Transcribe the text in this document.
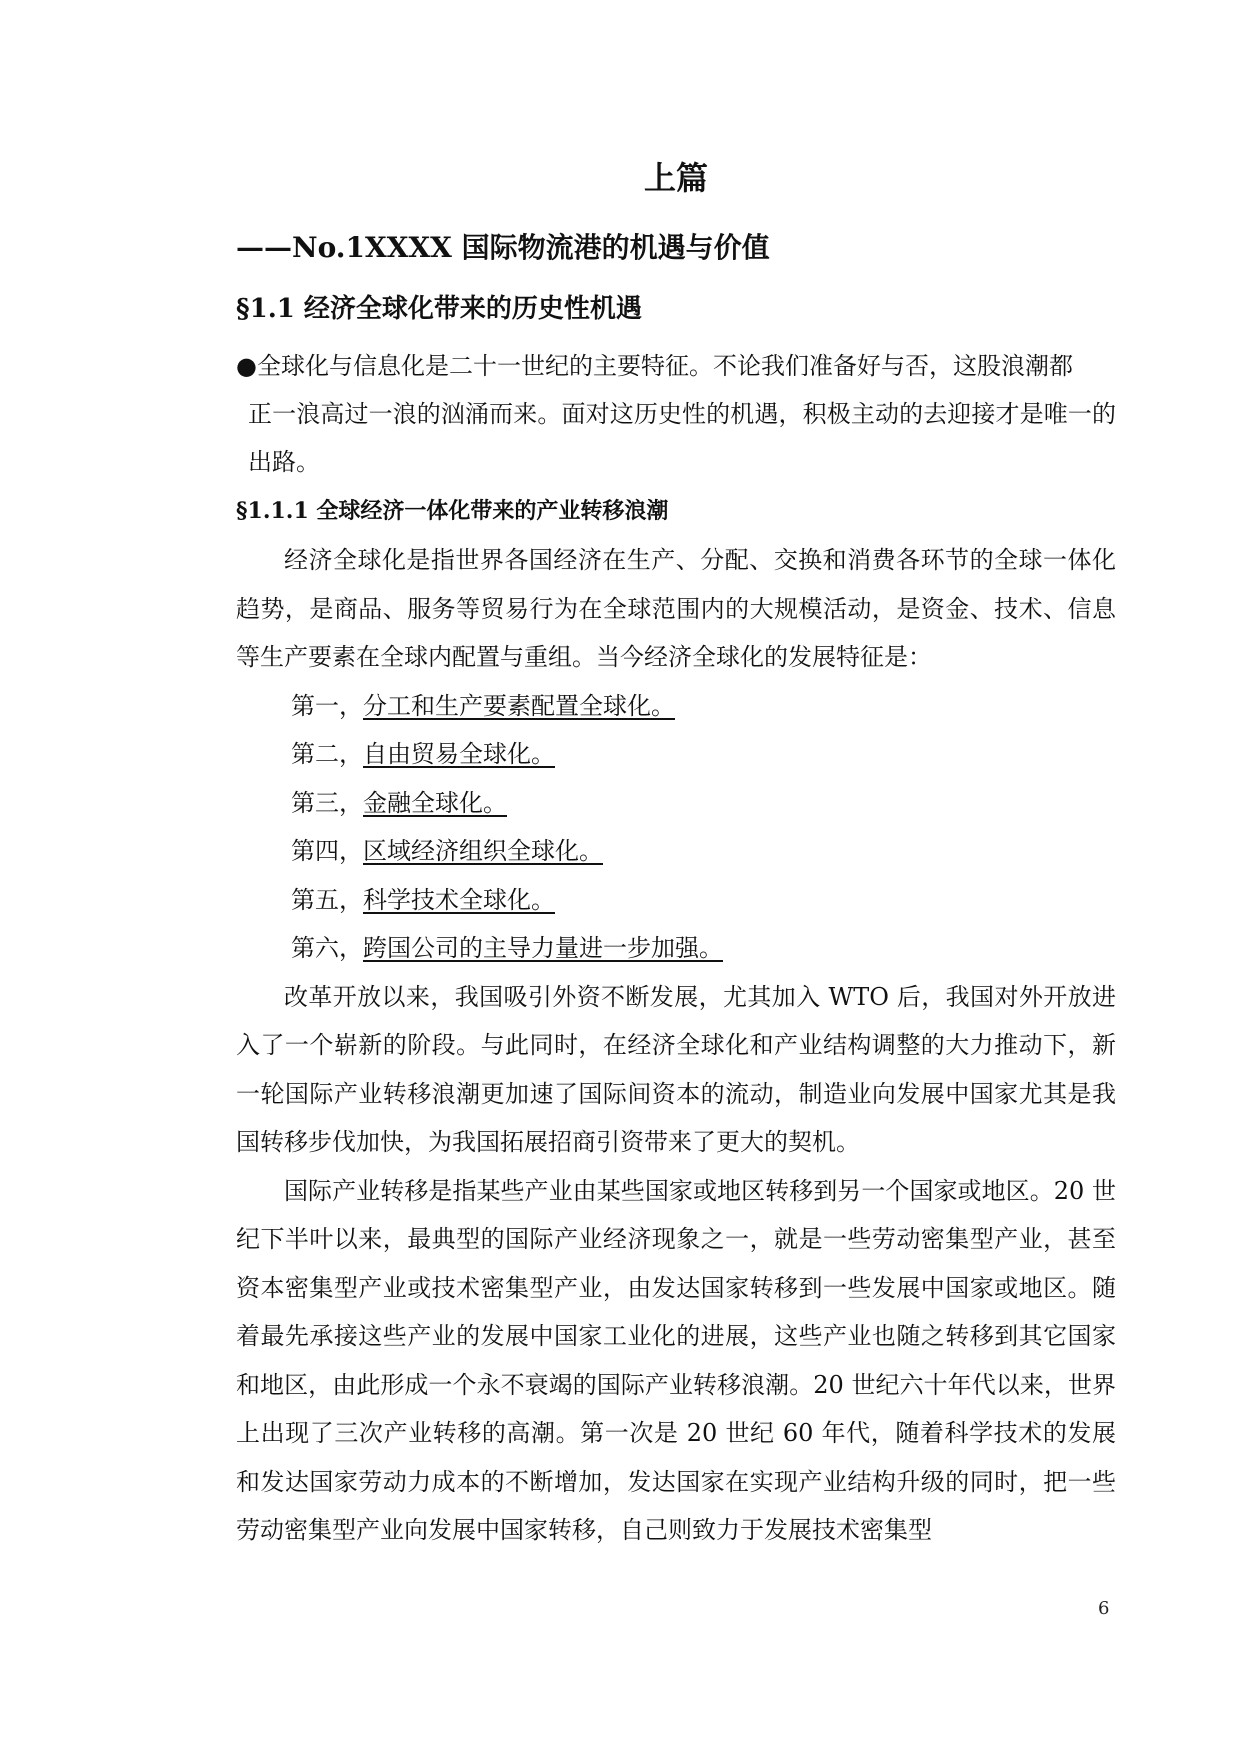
上篇
——No.1XXXX 国际物流港的机遇与价值
§1.1 经济全球化带来的历史性机遇

●全球化与信息化是二十一世纪的主要特征。不论我们准备好与否，这股浪潮都
正一浪高过一浪的汹涌而来。面对这历史性的机遇，积极主动的去迎接才是唯一的出路。

§1.1.1 全球经济一体化带来的产业转移浪潮

经济全球化是指世界各国经济在生产、分配、交换和消费各环节的全球一体化趋势，是商品、服务等贸易行为在全球范围内的大规模活动，是资金、技术、信息等生产要素在全球内配置与重组。当今经济全球化的发展特征是：

第一，分工和生产要素配置全球化。

第二，自由贸易全球化。

第三，金融全球化。

第四，区域经济组织全球化。

第五，科学技术全球化。

第六，跨国公司的主导力量进一步加强。

改革开放以来，我国吸引外资不断发展，尤其加入 WTO 后，我国对外开放进入了一个崭新的阶段。与此同时，在经济全球化和产业结构调整的大力推动下，新一轮国际产业转移浪潮更加速了国际间资本的流动，制造业向发展中国家尤其是我国转移步伐加快，为我国拓展招商引资带来了更大的契机。

国际产业转移是指某些产业由某些国家或地区转移到另一个国家或地区。20 世纪下半叶以来，最典型的国际产业经济现象之一，就是一些劳动密集型产业，甚至资本密集型产业或技术密集型产业，由发达国家转移到一些发展中国家或地区。随着最先承接这些产业的发展中国家工业化的进展，这些产业也随之转移到其它国家和地区，由此形成一个永不衰竭的国际产业转移浪潮。20 世纪六十年代以来，世界上出现了三次产业转移的高潮。第一次是 20 世纪 60 年代，随着科学技术的发展和发达国家劳动力成本的不断增加，发达国家在实现产业结构升级的同时，把一些劳动密集型产业向发展中国家转移，自己则致力于发展技术密集型

6
